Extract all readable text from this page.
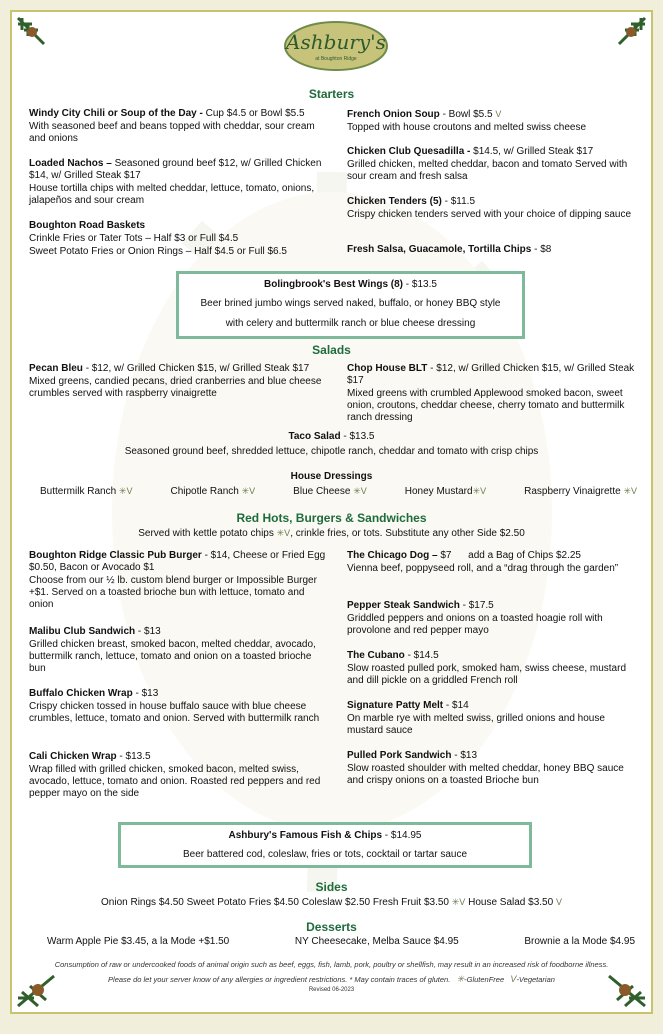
Ashbury's
at Boughton Ridge
Starters
Windy City Chili or Soup of the Day - Cup $4.5 or Bowl $5.5
With seasoned beef and beans topped with cheddar, sour cream and onions
Loaded Nachos – Seasoned ground beef $12, w/ Grilled Chicken $14, w/ Grilled Steak $17
House tortilla chips with melted cheddar, lettuce, tomato, onions, jalapeños and sour cream
Boughton Road Baskets
Crinkle Fries or Tater Tots – Half $3 or Full $4.5
Sweet Potato Fries or Onion Rings – Half $4.5 or Full $6.5
French Onion Soup - Bowl $5.5 V
Topped with house croutons and melted swiss cheese
Chicken Club Quesadilla - $14.5, w/ Grilled Steak $17
Grilled chicken, melted cheddar, bacon and tomato Served with sour cream and fresh salsa
Chicken Tenders (5) - $11.5
Crispy chicken tenders served with your choice of dipping sauce
Fresh Salsa, Guacamole, Tortilla Chips - $8
Bolingbrook's Best Wings (8) - $13.5
Beer brined jumbo wings served naked, buffalo, or honey BBQ style
with celery and buttermilk ranch or blue cheese dressing
Salads
Pecan Bleu - $12, w/ Grilled Chicken $15, w/ Grilled Steak $17
Mixed greens, candied pecans, dried cranberries and blue cheese crumbles served with raspberry vinaigrette
Chop House BLT - $12, w/ Grilled Chicken $15, w/ Grilled Steak $17
Mixed greens with crumbled Applewood smoked bacon, sweet onion, croutons, cheddar cheese, cherry tomato and buttermilk ranch dressing
Taco Salad - $13.5
Seasoned ground beef, shredded lettuce, chipotle ranch, cheddar and tomato with crisp chips
House Dressings
Buttermilk Ranch ✳V	Chipotle Ranch ✳V	Blue Cheese ✳V	Honey Mustard✳V	Raspberry Vinaigrette ✳V
Red Hots, Burgers & Sandwiches
Served with kettle potato chips ✳V, crinkle fries, or tots. Substitute any other Side $2.50
Boughton Ridge Classic Pub Burger - $14, Cheese or Fried Egg $0.50, Bacon or Avocado $1
Choose from our ½ lb. custom blend burger or Impossible Burger +$1. Served on a toasted brioche bun with lettuce, tomato and onion
Malibu Club Sandwich - $13
Grilled chicken breast, smoked bacon, melted cheddar, avocado, buttermilk ranch, lettuce, tomato and onion on a toasted brioche bun
Buffalo Chicken Wrap - $13
Crispy chicken tossed in house buffalo sauce with blue cheese crumbles, lettuce, tomato and onion. Served with buttermilk ranch
Cali Chicken Wrap - $13.5
Wrap filled with grilled chicken, smoked bacon, melted swiss, avocado, lettuce, tomato and onion. Roasted red peppers and red pepper mayo on the side
The Chicago Dog – $7      add a Bag of Chips $2.25
Vienna beef, poppyseed roll, and a “drag through the garden”
Pepper Steak Sandwich - $17.5
Griddled peppers and onions on a toasted hoagie roll with provolone and red pepper mayo
The Cubano - $14.5
Slow roasted pulled pork, smoked ham, swiss cheese, mustard and dill pickle on a griddled French roll
Signature Patty Melt - $14
On marble rye with melted swiss, grilled onions and house mustard sauce
Pulled Pork Sandwich - $13
Slow roasted shoulder with melted cheddar, honey BBQ sauce and crispy onions on a toasted Brioche bun
Ashbury's Famous Fish & Chips - $14.95
Beer battered cod, coleslaw, fries or tots, cocktail or tartar sauce
Sides
Onion Rings $4.50 Sweet Potato Fries $4.50 Coleslaw $2.50 Fresh Fruit $3.50 ✳V House Salad $3.50 V
Desserts
Warm Apple Pie $3.45, a la Mode +$1.50	NY Cheesecake, Melba Sauce $4.95	Brownie a la Mode $4.95
Consumption of raw or undercooked foods of animal origin such as beef, eggs, fish, lamb, pork, poultry or shellfish, may result in an increased risk of foodborne illness.
Please do let your server know of any allergies or ingredient restrictions. * May contain traces of gluten. ✳-GlutenFree V-Vegetarian
Revised 06-2023
